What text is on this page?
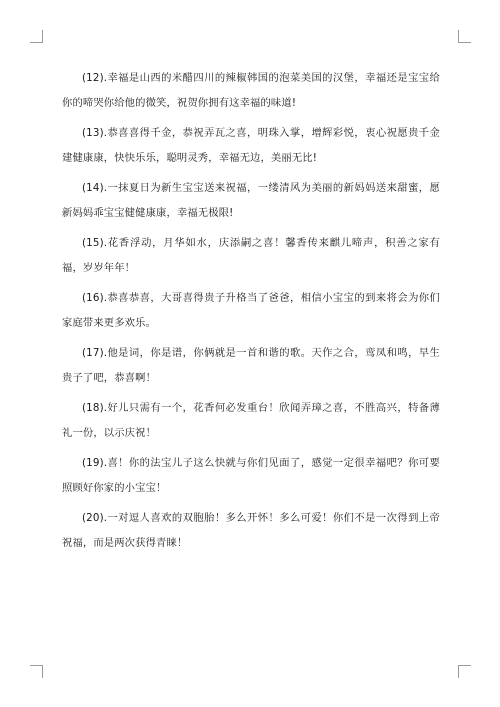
(12).幸福是山西的米醋四川的辣椒韩国的泡菜美国的汉堡，幸福还是宝宝给你的啼哭你给他的微笑，祝贺你拥有这幸福的味道!

(13).恭喜喜得千金，恭祝弄瓦之喜，明珠入掌，增辉彩悦，衷心祝愿贵千金建健康康，快快乐乐，聪明灵秀，幸福无边，美丽无比!

(14).一抹夏日为新生宝宝送来祝福，一缕清风为美丽的新妈妈送来甜蜜，愿新妈妈乖宝宝健健康康，幸福无极限!

(15).花香浮动，月华如水，庆添嗣之喜！馨香传来麒儿啼声，积善之家有福，岁岁年年！

(16).恭喜恭喜，大哥喜得贵子升格当了爸爸，相信小宝宝的到来将会为你们家庭带来更多欢乐。

(17).他是词，你是谱，你俩就是一首和谐的歌。天作之合，鸾凤和鸣，早生贵子了吧，恭喜啊！

(18).好儿只需有一个，花香何必发重台！欣闻弄璋之喜，不胜高兴，特备薄礼一份，以示庆祝！

(19).喜！你的法宝儿子这么快就与你们见面了，感觉一定很幸福吧？你可要照顾好你家的小宝宝！

(20).一对逗人喜欢的双胞胎！多么开怀！多么可爱！你们不是一次得到上帝祝福，而是两次获得青睐！
